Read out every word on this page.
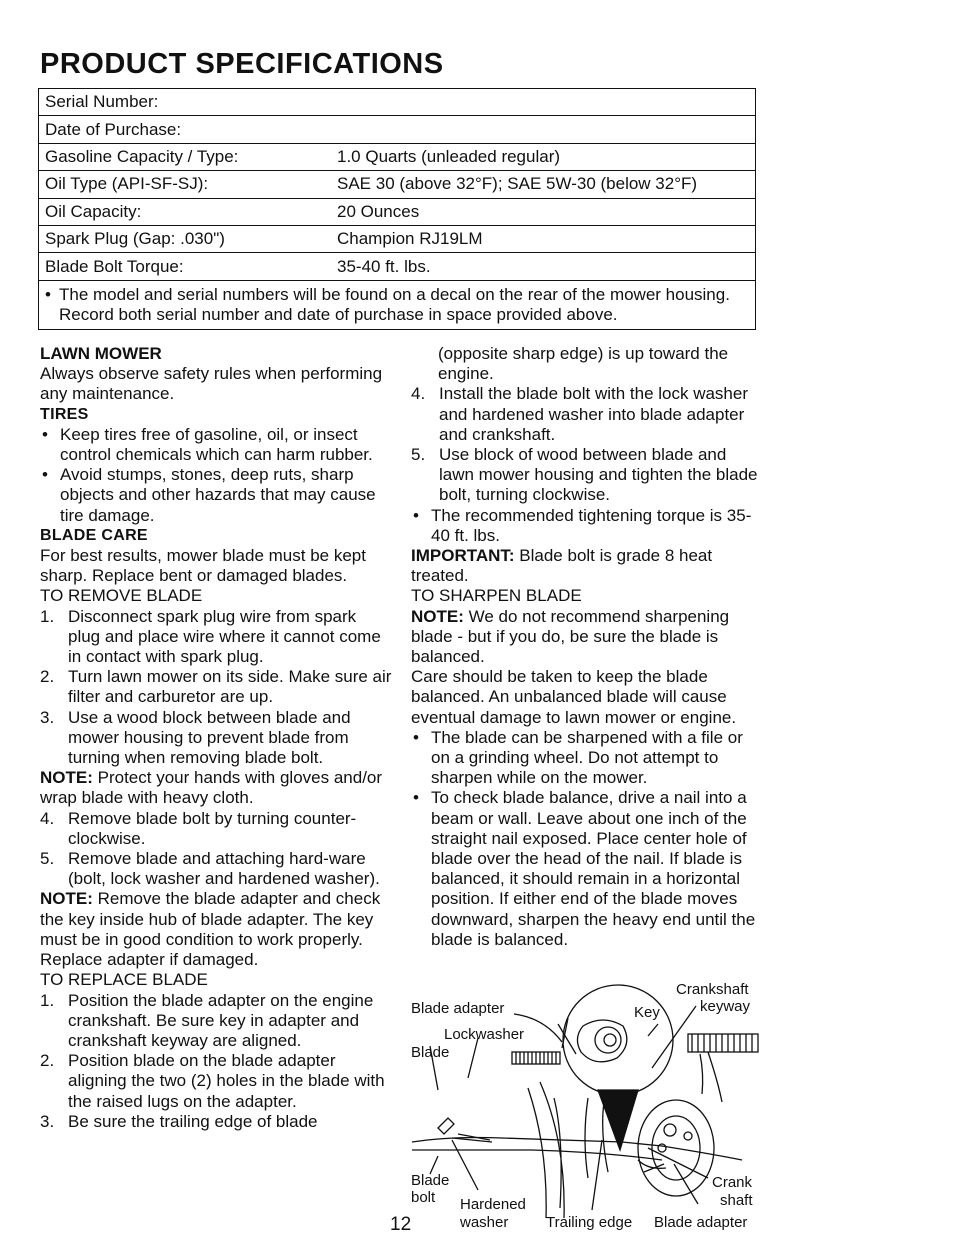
PRODUCT SPECIFICATIONS
Serial Number:
Date of Purchase:
Gasoline Capacity / Type:	1.0 Quarts (unleaded regular)
Oil Type (API-SF-SJ):	SAE 30 (above 32°F); SAE 5W-30 (below 32°F)
Oil Capacity:	20 Ounces
Spark Plug (Gap: .030")	Champion RJ19LM
Blade Bolt Torque:	35-40 ft. lbs.
• The model and serial numbers will be found on a decal on the rear of the mower housing. Record both serial number and date of purchase in space provided above.
LAWN MOWER

Always observe safety rules when performing any maintenance.

TIRES
• Keep tires free of gasoline, oil, or insect control chemicals which can harm rubber.
• Avoid stumps, stones, deep ruts, sharp objects and other hazards that may cause tire damage.
BLADE CARE

For best results, mower blade must be kept sharp. Replace bent or damaged blades.

TO REMOVE BLADE
1. Disconnect spark plug wire from spark plug and place wire where it cannot come in contact with spark plug.
2. Turn lawn mower on its side. Make sure air filter and carburetor are up.
3. Use a wood block between blade and mower housing to prevent blade from turning when removing blade bolt.

NOTE: Protect your hands with gloves and/or wrap blade with heavy cloth.

4. Remove blade bolt by turning counter-clockwise.
5. Remove blade and attaching hard-ware (bolt, lock washer and hardened washer).

NOTE: Remove the blade adapter and check the key inside hub of blade adapter. The key must be in good condition to work properly. Replace adapter if damaged.

TO REPLACE BLADE
1. Position the blade adapter on the engine crankshaft. Be sure key in adapter and crankshaft keyway are aligned.
2. Position blade on the blade adapter aligning the two (2) holes in the blade with the raised lugs on the adapter.
3. Be sure the trailing edge of blade
12
(opposite sharp edge) is up toward the engine.
4. Install the blade bolt with the lock washer and hardened washer into blade adapter and crankshaft.
5. Use block of wood between blade and lawn mower housing and tighten the blade bolt, turning clockwise.
• The recommended tightening torque is 35-40 ft. lbs.

IMPORTANT: Blade bolt is grade 8 heat treated.

TO SHARPEN BLADE

NOTE: We do not recommend sharpening blade - but if you do, be sure the blade is balanced.

Care should be taken to keep the blade balanced. An unbalanced blade will cause eventual damage to lawn mower or engine.

• The blade can be sharpened with a file or on a grinding wheel. Do not attempt to sharpen while on the mower.
• To check blade balance, drive a nail into a beam or wall. Leave about one inch of the straight nail exposed. Place center hole of blade over the head of the nail. If blade is balanced, it should remain in a horizontal position. If either end of the blade moves downward, sharpen the heavy end until the blade is balanced.
Crankshaft
keyway
Blade adapter	Key
Lockwasher
Blade
Blade
bolt Hardened
washer	Trailing edge Blade adapter
Crank
shaft
